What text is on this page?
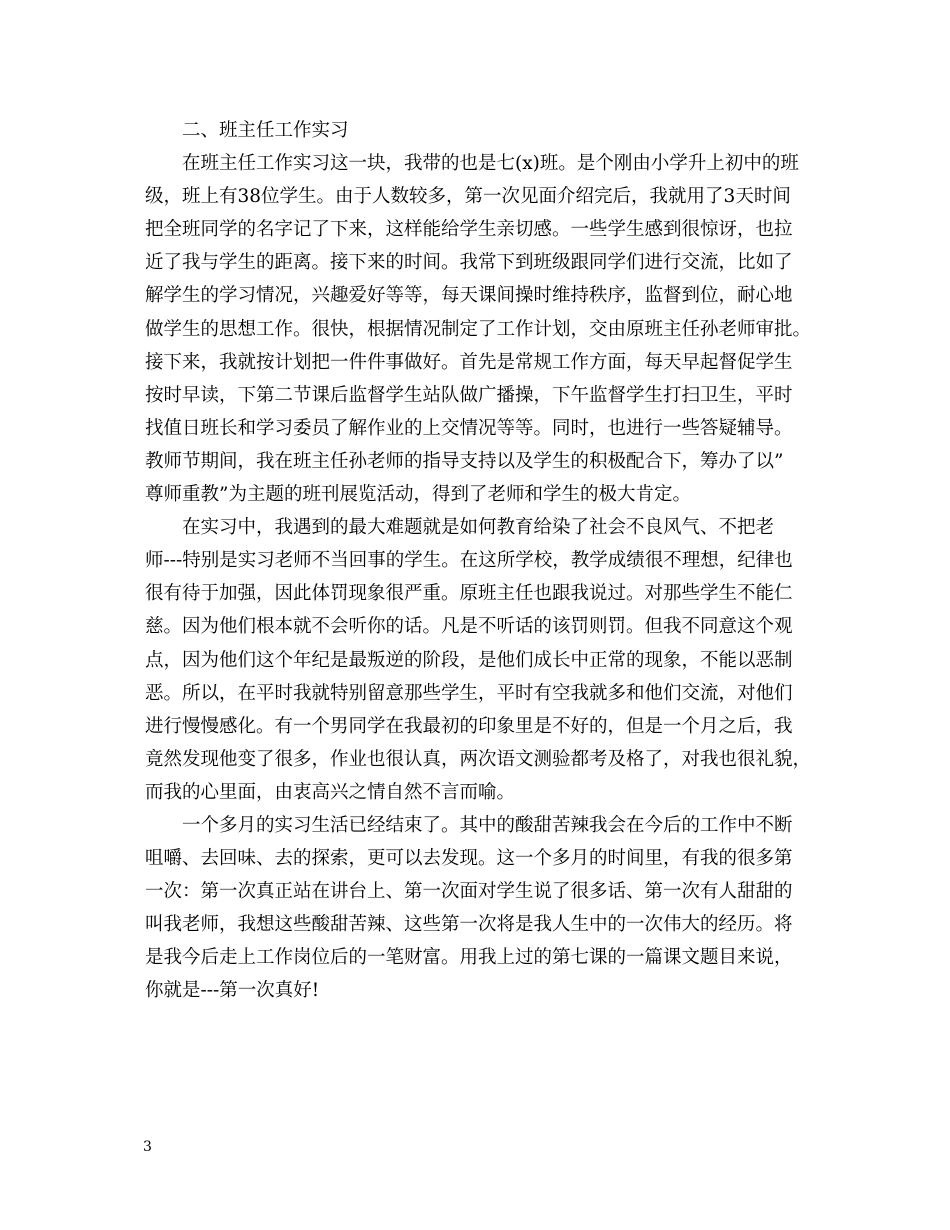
二、班主任工作实习
在班主任工作实习这一块，我带的也是七(x)班。是个刚由小学升上初中的班
级，班上有38位学生。由于人数较多，第一次见面介绍完后，我就用了3天时间
把全班同学的名字记了下来，这样能给学生亲切感。一些学生感到很惊讶，也拉
近了我与学生的距离。接下来的时间。我常下到班级跟同学们进行交流，比如了
解学生的学习情况，兴趣爱好等等，每天课间操时维持秩序，监督到位，耐心地
做学生的思想工作。很快，根据情况制定了工作计划，交由原班主任孙老师审批。
接下来，我就按计划把一件件事做好。首先是常规工作方面，每天早起督促学生
按时早读，下第二节课后监督学生站队做广播操，下午监督学生打扫卫生，平时
找值日班长和学习委员了解作业的上交情况等等。同时，也进行一些答疑辅导。
教师节期间，我在班主任孙老师的指导支持以及学生的积极配合下，筹办了以”
尊师重教”为主题的班刊展览活动，得到了老师和学生的极大肯定。
在实习中，我遇到的最大难题就是如何教育给染了社会不良风气、不把老
师---特别是实习老师不当回事的学生。在这所学校，教学成绩很不理想，纪律也
很有待于加强，因此体罚现象很严重。原班主任也跟我说过。对那些学生不能仁
慈。因为他们根本就不会听你的话。凡是不听话的该罚则罚。但我不同意这个观
点，因为他们这个年纪是最叛逆的阶段，是他们成长中正常的现象，不能以恶制
恶。所以，在平时我就特别留意那些学生，平时有空我就多和他们交流，对他们
进行慢慢感化。有一个男同学在我最初的印象里是不好的，但是一个月之后，我
竟然发现他变了很多，作业也很认真，两次语文测验都考及格了，对我也很礼貌，
而我的心里面，由衷高兴之情自然不言而喻。
一个多月的实习生活已经结束了。其中的酸甜苦辣我会在今后的工作中不断
咀嚼、去回味、去的探索，更可以去发现。这一个多月的时间里，有我的很多第
一次：第一次真正站在讲台上、第一次面对学生说了很多话、第一次有人甜甜的
叫我老师，我想这些酸甜苦辣、这些第一次将是我人生中的一次伟大的经历。将
是我今后走上工作岗位后的一笔财富。用我上过的第七课的一篇课文题目来说，
你就是---第一次真好!
3
